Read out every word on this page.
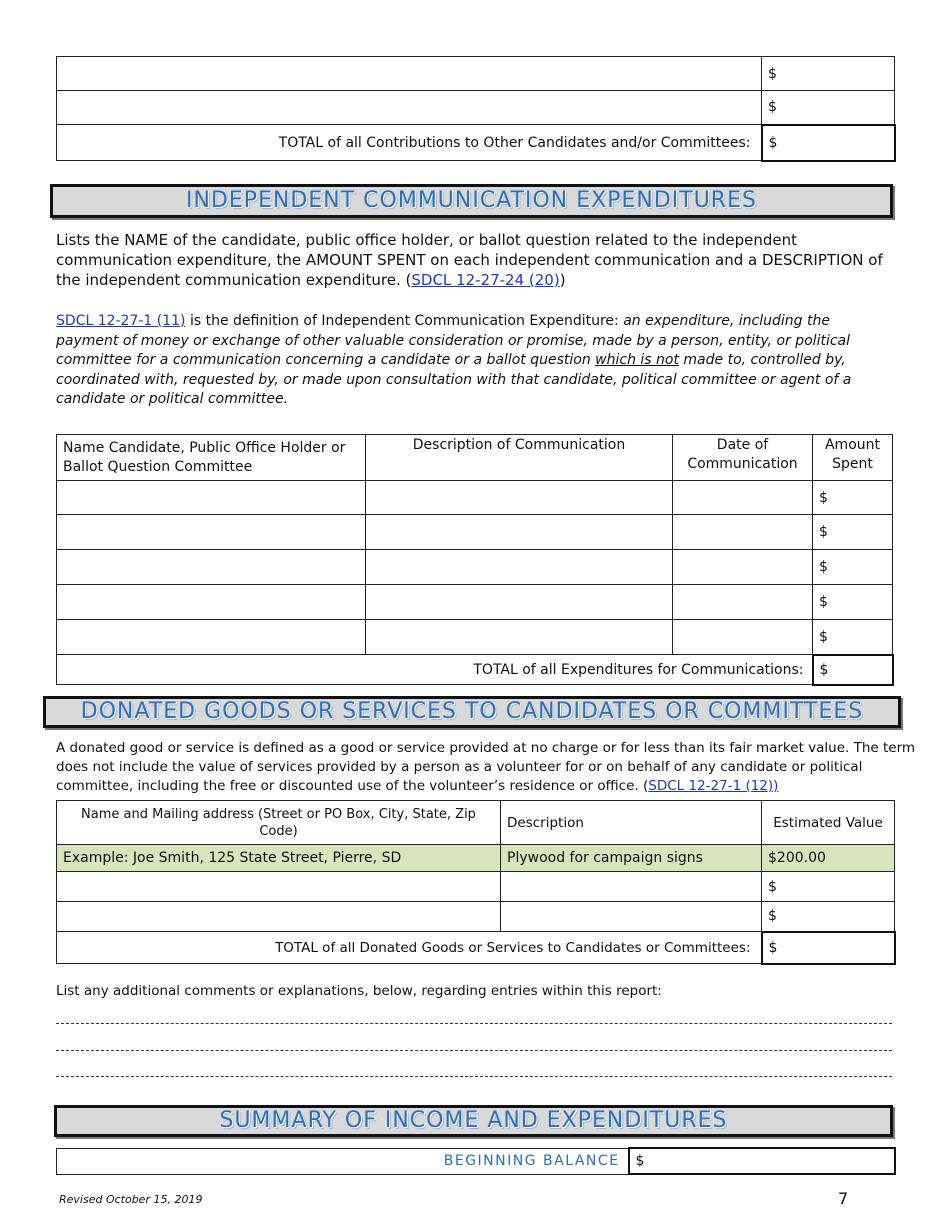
	$
	$
TOTAL of all Contributions to Other Candidates and/or Committees:	$
INDEPENDENT COMMUNICATION EXPENDITURES
Lists the NAME of the candidate, public office holder, or ballot question related to the independent
communication expenditure, the AMOUNT SPENT on each independent communication and a DESCRIPTION of
the independent communication expenditure. (SDCL 12-27-24 (20))
SDCL 12-27-1 (11) is the definition of Independent Communication Expenditure: an expenditure, including the
payment of money or exchange of other valuable consideration or promise, made by a person, entity, or political
committee for a communication concerning a candidate or a ballot question which is not made to, controlled by,
coordinated with, requested by, or made upon consultation with that candidate, political committee or agent of a
candidate or political committee.
Name Candidate, Public Office Holder or Ballot Question Committee	Description of Communication	Date of Communication	Amount Spent
			$
			$
			$
			$
			$
TOTAL of all Expenditures for Communications:			$
DONATED GOODS OR SERVICES TO CANDIDATES OR COMMITTEES
A donated good or service is defined as a good or service provided at no charge or for less than its fair market value. The term
does not include the value of services provided by a person as a volunteer for or on behalf of any candidate or political
committee, including the free or discounted use of the volunteer’s residence or office. (SDCL 12-27-1 (12))
Name and Mailing address (Street or PO Box, City, State, Zip Code)	Description	Estimated Value
Example: Joe Smith, 125 State Street, Pierre, SD	Plywood for campaign signs	$200.00
		$
		$
TOTAL of all Donated Goods or Services to Candidates or Committees:		$
List any additional comments or explanations, below, regarding entries within this report:
SUMMARY OF INCOME AND EXPENDITURES
BEGINNING BALANCE	$
Revised October 15, 2019	7
